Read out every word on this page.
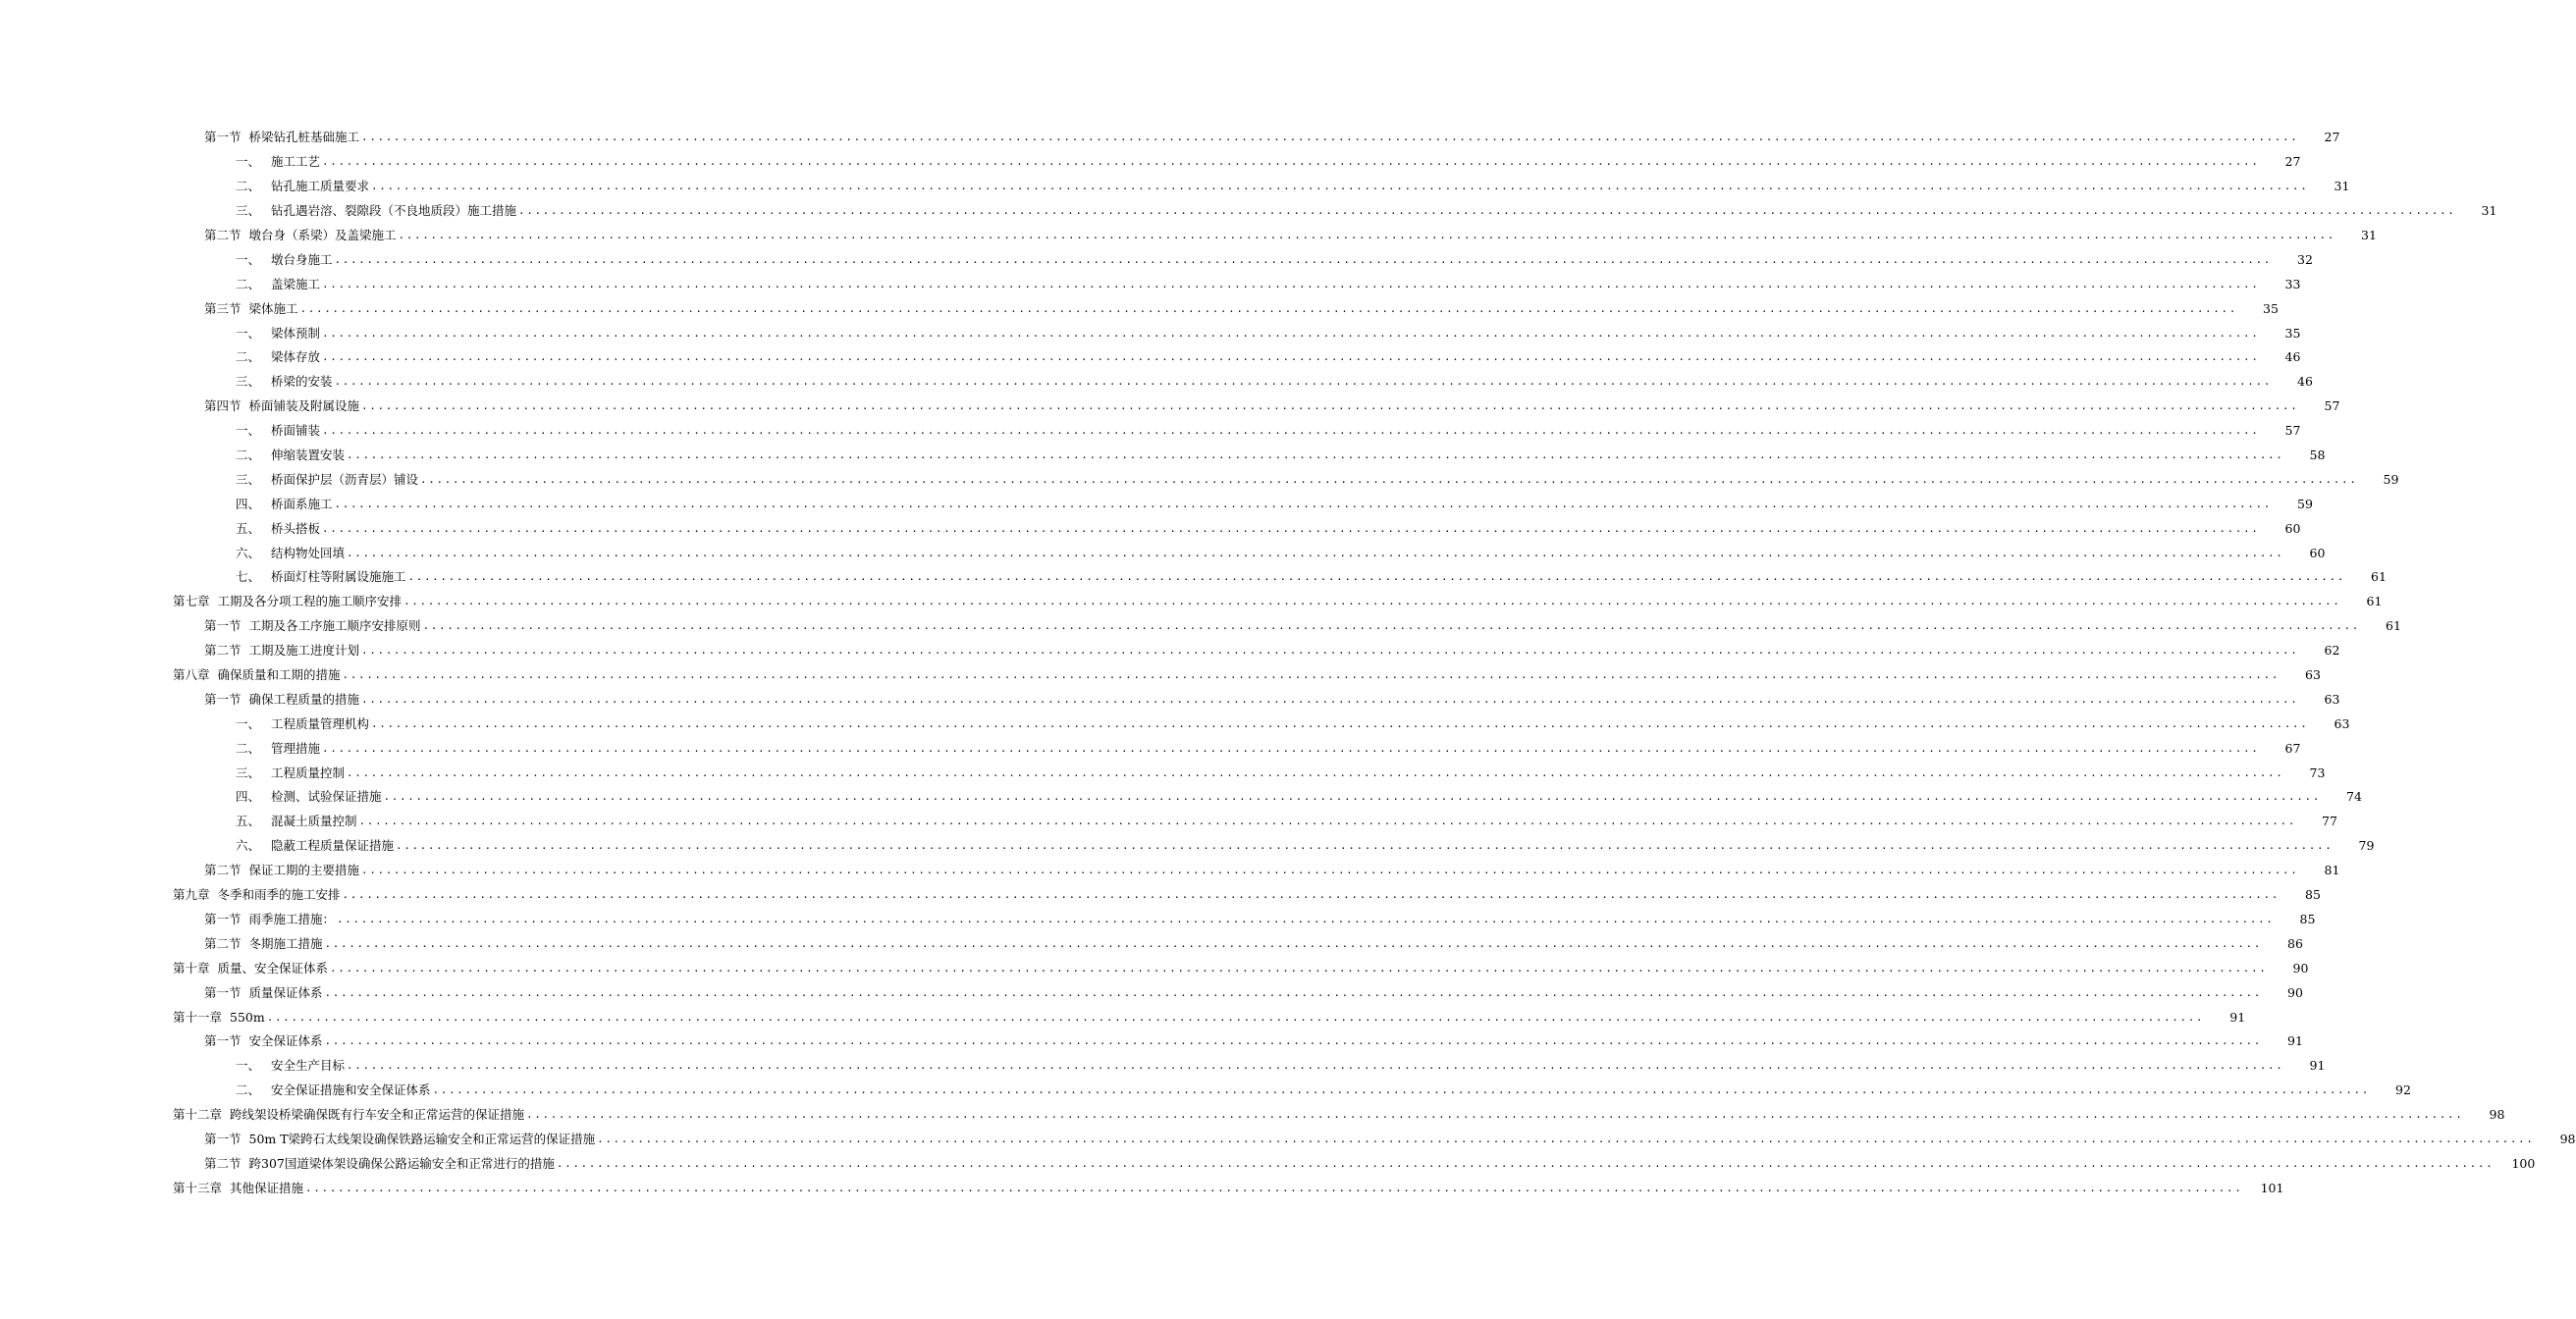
第一节 桥梁钻孔桩基础施工 ................................................................................................................................................................................................................................................	27
一、 施工工艺 ................................................................................................................................................................................................................................................	27
二、 钻孔施工质量要求 ................................................................................................................................................................................................................................................	31
三、 钻孔遇岩溶、裂隙段（不良地质段）施工措施 ................................................................................................................................................................................................................................................	31
第二节 墩台身（系梁）及盖梁施工 ................................................................................................................................................................................................................................................	31
一、 墩台身施工 ................................................................................................................................................................................................................................................	32
二、 盖梁施工 ................................................................................................................................................................................................................................................	33
第三节 梁体施工 ................................................................................................................................................................................................................................................	35
一、 梁体预制 ................................................................................................................................................................................................................................................	35
二、 梁体存放 ................................................................................................................................................................................................................................................	46
三、 桥梁的安装 ................................................................................................................................................................................................................................................	46
第四节 桥面铺装及附属设施 ................................................................................................................................................................................................................................................	57
一、 桥面铺装 ................................................................................................................................................................................................................................................	57
二、 伸缩装置安装 ................................................................................................................................................................................................................................................	58
三、 桥面保护层（沥青层）铺设 ................................................................................................................................................................................................................................................	59
四、 桥面系施工 ................................................................................................................................................................................................................................................	59
五、 桥头搭板 ................................................................................................................................................................................................................................................	60
六、 结构物处回填 ................................................................................................................................................................................................................................................	60
七、 桥面灯柱等附属设施施工 ................................................................................................................................................................................................................................................	61
第七章 工期及各分项工程的施工顺序安排 ................................................................................................................................................................................................................................................	61
第一节 工期及各工序施工顺序安排原则 ................................................................................................................................................................................................................................................	61
第二节 工期及施工进度计划 ................................................................................................................................................................................................................................................	62
第八章 确保质量和工期的措施 ................................................................................................................................................................................................................................................	63
第一节 确保工程质量的措施 ................................................................................................................................................................................................................................................	63
一、 工程质量管理机构 ................................................................................................................................................................................................................................................	63
二、 管理措施 ................................................................................................................................................................................................................................................	67
三、 工程质量控制 ................................................................................................................................................................................................................................................	73
四、 检测、试验保证措施 ................................................................................................................................................................................................................................................	74
五、 混凝土质量控制 ................................................................................................................................................................................................................................................	77
六、 隐蔽工程质量保证措施 ................................................................................................................................................................................................................................................	79
第二节 保证工期的主要措施 ................................................................................................................................................................................................................................................	81
第九章 冬季和雨季的施工安排 ................................................................................................................................................................................................................................................	85
第一节 雨季施工措施： ................................................................................................................................................................................................................................................	85
第二节 冬期施工措施 ................................................................................................................................................................................................................................................	86
第十章 质量、安全保证体系 ................................................................................................................................................................................................................................................	90
第一节 质量保证体系 ................................................................................................................................................................................................................................................	90
第十一章 550m ................................................................................................................................................................................................................................................	91
第一节 安全保证体系 ................................................................................................................................................................................................................................................	91
一、 安全生产目标 ................................................................................................................................................................................................................................................	91
二、 安全保证措施和安全保证体系 ................................................................................................................................................................................................................................................	92
第十二章 跨线架设桥梁确保既有行车安全和正常运营的保证措施 ................................................................................................................................................................................................................................................	98
第一节 50m T梁跨石太线架设确保铁路运输安全和正常运营的保证措施 ................................................................................................................................................................................................................................................	98
第二节 跨307国道梁体架设确保公路运输安全和正常进行的措施 ................................................................................................................................................................................................................................................	100
第十三章 其他保证措施 ................................................................................................................................................................................................................................................	101
